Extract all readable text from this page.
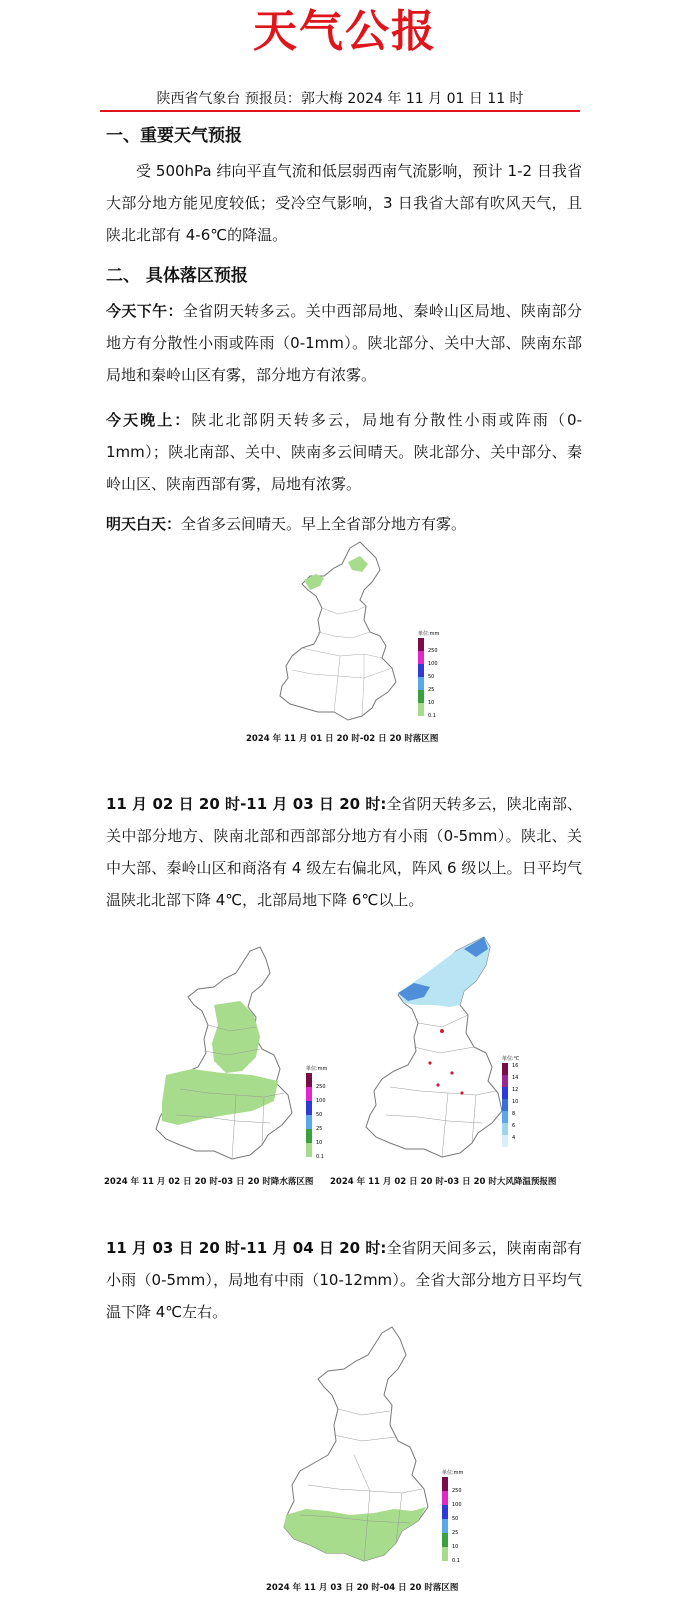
天气公报
陕西省气象台 预报员：郭大梅 2024 年 11 月 01 日 11 时
一、重要天气预报
受 500hPa 纬向平直气流和低层弱西南气流影响，预计 1-2 日我省大部分地方能见度较低；受冷空气影响，3 日我省大部有吹风天气，且陕北北部有 4-6℃的降温。
二、 具体落区预报
今天下午：全省阴天转多云。关中西部局地、秦岭山区局地、陕南部分地方有分散性小雨或阵雨（0-1mm）。陕北部分、关中大部、陕南东部局地和秦岭山区有雾，部分地方有浓雾。
今天晚上：陕北北部阴天转多云，局地有分散性小雨或阵雨（0-1mm）；陕北南部、关中、陕南多云间晴天。陕北部分、关中部分、秦岭山区、陕南西部有雾，局地有浓雾。
明天白天：全省多云间晴天。早上全省部分地方有雾。
单位:mm
250
100
50
25
10
0.1
2024 年 11 月 01 日 20 时-02 日 20 时落区图
11 月 02 日 20 时-11 月 03 日 20 时:全省阴天转多云，陕北南部、关中部分地方、陕南北部和西部部分地方有小雨（0-5mm）。陕北、关中大部、秦岭山区和商洛有 4 级左右偏北风，阵风 6 级以上。日平均气温陕北北部下降 4℃，北部局地下降 6℃以上。
单位:mm
250
100
50
25
10
0.1
单位:℃
16
14
12
10
8
6
4
2024 年 11 月 02 日 20 时-03 日 20 时降水落区图 2024 年 11 月 02 日 20 时-03 日 20 时大风降温预报图
11 月 03 日 20 时-11 月 04 日 20 时:全省阴天间多云，陕南南部有小雨（0-5mm），局地有中雨（10-12mm）。全省大部分地方日平均气温下降 4℃左右。
单位:mm
250
100
50
25
10
0.1
2024 年 11 月 03 日 20 时-04 日 20 时落区图
